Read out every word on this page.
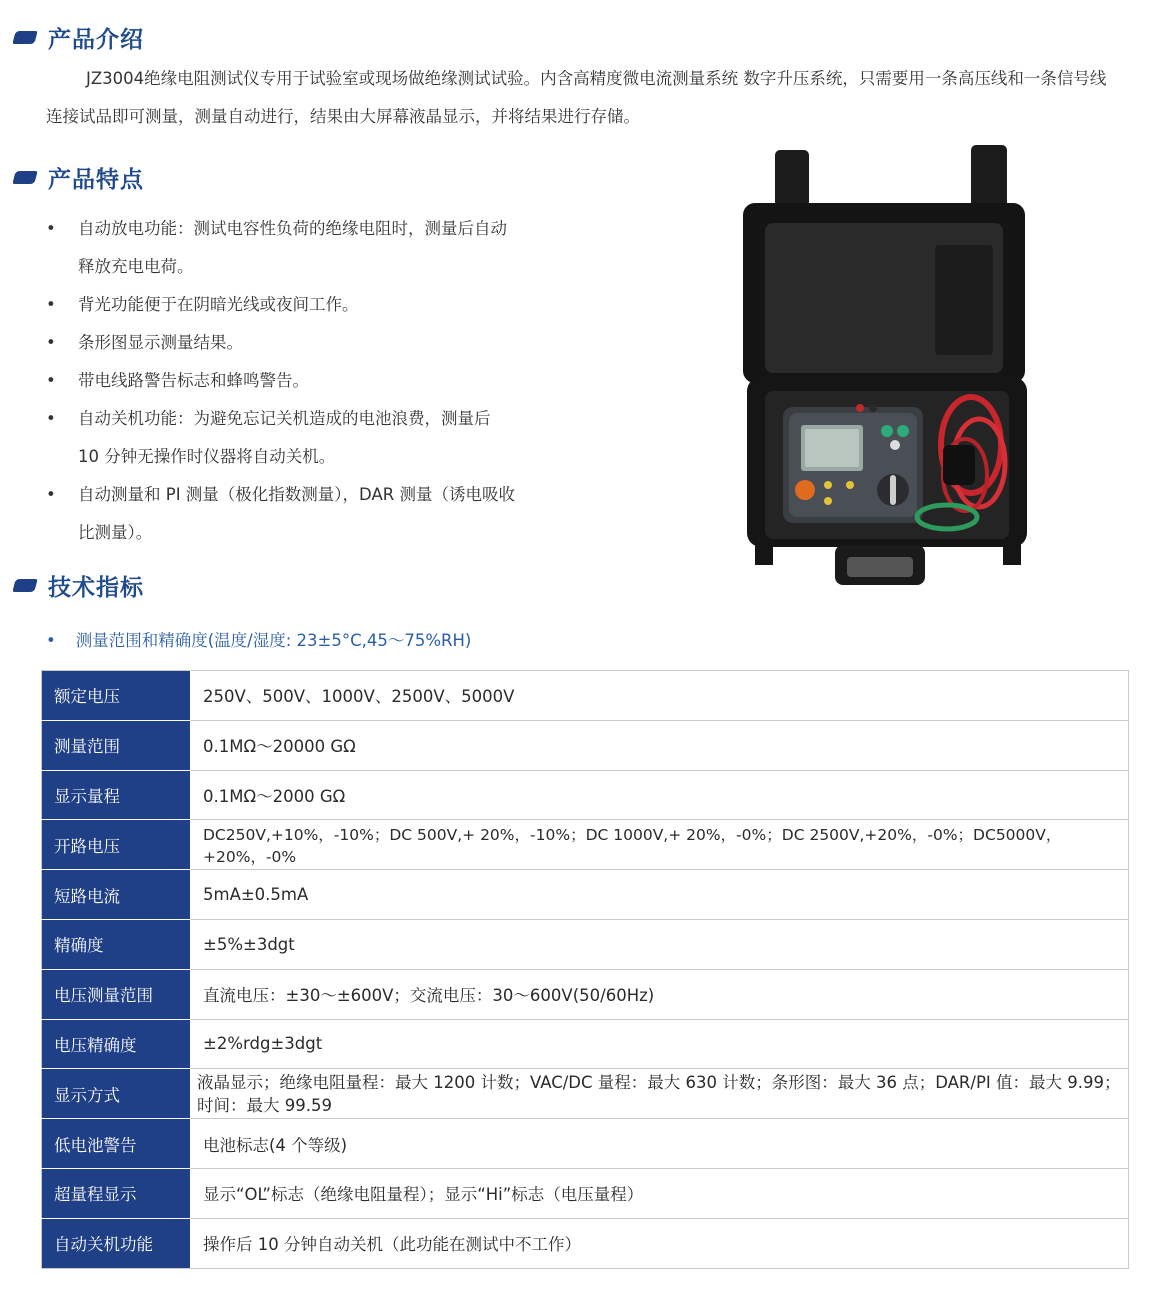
产品介绍
JZ3004绝缘电阻测试仪专用于试验室或现场做绝缘测试试验。内含高精度微电流测量系统 数字升压系统，只需要用一条高压线和一条信号线连接试品即可测量，测量自动进行，结果由大屏幕液晶显示，并将结果进行存储。
产品特点
• 自动放电功能：测试电容性负荷的绝缘电阻时，测量后自动释放充电电荷。
• 背光功能便于在阴暗光线或夜间工作。
• 条形图显示测量结果。
• 带电线路警告标志和蜂鸣警告。
• 自动关机功能：为避免忘记关机造成的电池浪费，测量后 10 分钟无操作时仪器将自动关机。
• 自动测量和 PI 测量（极化指数测量），DAR 测量（诱电吸收比测量）。
技术指标
• 测量范围和精确度(温度/湿度: 23±5°C,45～75%RH)
额定电压	250V、500V、1000V、2500V、5000V
测量范围	0.1MΩ～20000 GΩ
显示量程	0.1MΩ～2000 GΩ
开路电压	DC250V,+10%，-10%；DC 500V,+ 20%，-10%；DC 1000V,+ 20%，-0%；DC 2500V,+20%，-0%；DC5000V，+20%，-0%
短路电流	5mA±0.5mA
精确度	±5%±3dgt
电压测量范围	直流电压：±30～±600V；交流电压：30～600V(50/60Hz)
电压精确度	±2%rdg±3dgt
显示方式	液晶显示；绝缘电阻量程：最大 1200 计数；VAC/DC 量程：最大 630 计数；条形图：最大 36 点；DAR/PI 值：最大 9.99；时间：最大 99.59
低电池警告	电池标志(4 个等级)
超量程显示	显示“OL”标志（绝缘电阻量程）；显示“Hi”标志（电压量程）
自动关机功能	操作后 10 分钟自动关机（此功能在测试中不工作）
